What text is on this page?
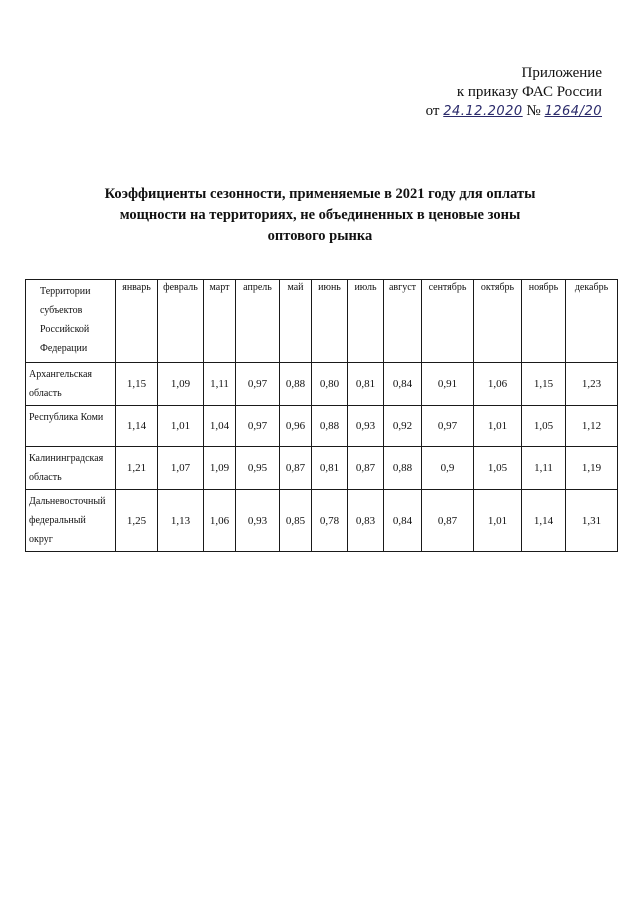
Приложение
к приказу ФАС России
от 24.12.2020 № 1264/20
Коэффициенты сезонности, применяемые в 2021 году для оплаты
мощности на территориях, не объединенных в ценовые зоны
оптового рынка
Территории
субъектов
Российской
Федерации	январь	февраль	март	апрель	май	июнь	июль	август	сентябрь	октябрь	ноябрь	декабрь
Архангельская
область	1,15	1,09	1,11	0,97	0,88	0,80	0,81	0,84	0,91	1,06	1,15	1,23
Республика Коми	1,14	1,01	1,04	0,97	0,96	0,88	0,93	0,92	0,97	1,01	1,05	1,12
Калининградская
область	1,21	1,07	1,09	0,95	0,87	0,81	0,87	0,88	0,9	1,05	1,11	1,19
Дальневосточный
федеральный
округ	1,25	1,13	1,06	0,93	0,85	0,78	0,83	0,84	0,87	1,01	1,14	1,31
